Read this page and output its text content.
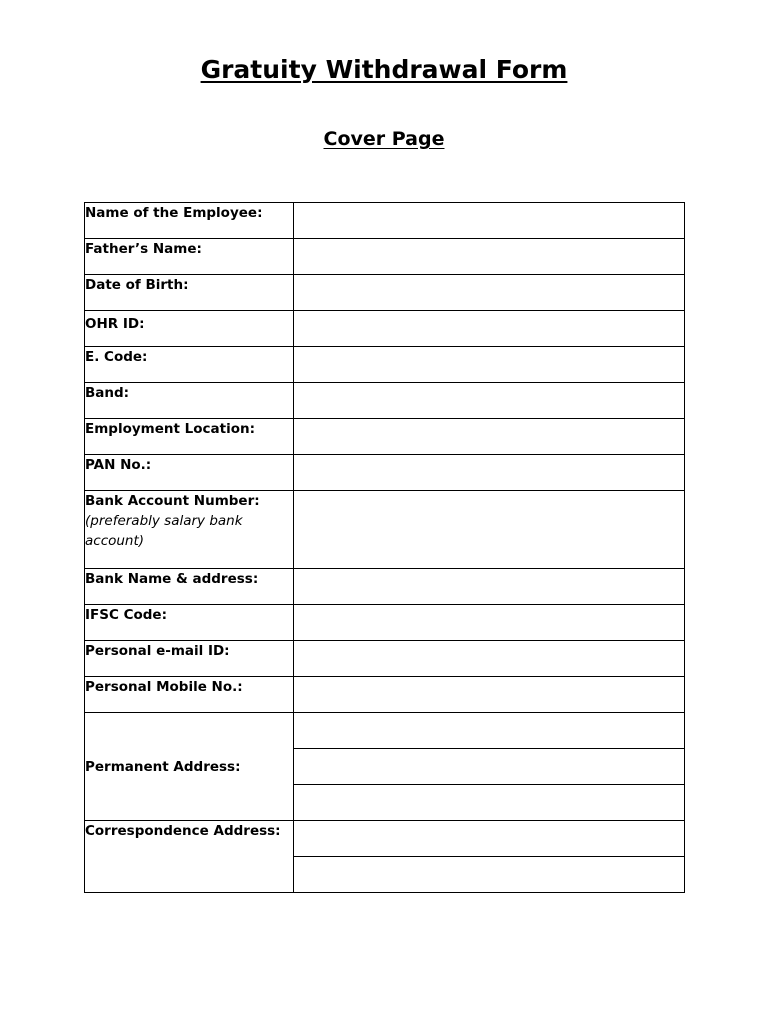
Gratuity Withdrawal Form
Cover Page
Name of the Employee:	
Father’s Name:	
Date of Birth:	
OHR ID:	
E. Code:	
Band:	
Employment Location:	
PAN No.:	
Bank Account Number:
(preferably salary bank account)	

Bank Name & address:	
IFSC Code:	
Personal e-mail ID:	
Personal Mobile No.:	
Permanent Address:	

Correspondence Address:	
